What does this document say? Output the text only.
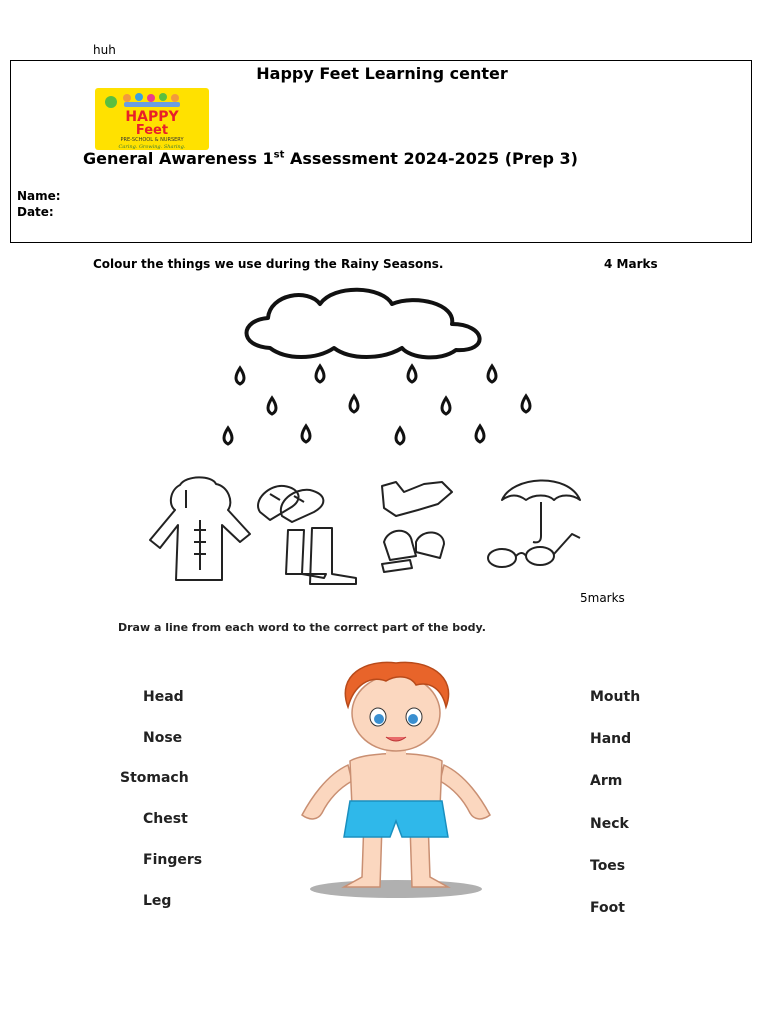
huh
Happy Feet Learning center
HAPPY
Feet
PRE-SCHOOL & NURSERY
Caring. Growing. Sharing.
General Awareness 1st Assessment 2024-2025 (Prep 3)
Name:
Date:
Colour the things we use during the Rainy Seasons.	4 Marks
5marks
Draw a line from each word to the correct part of the body.
Head
Nose
Stomach
Chest
Fingers
Leg
Mouth
Hand
Arm
Neck
Toes
Foot
